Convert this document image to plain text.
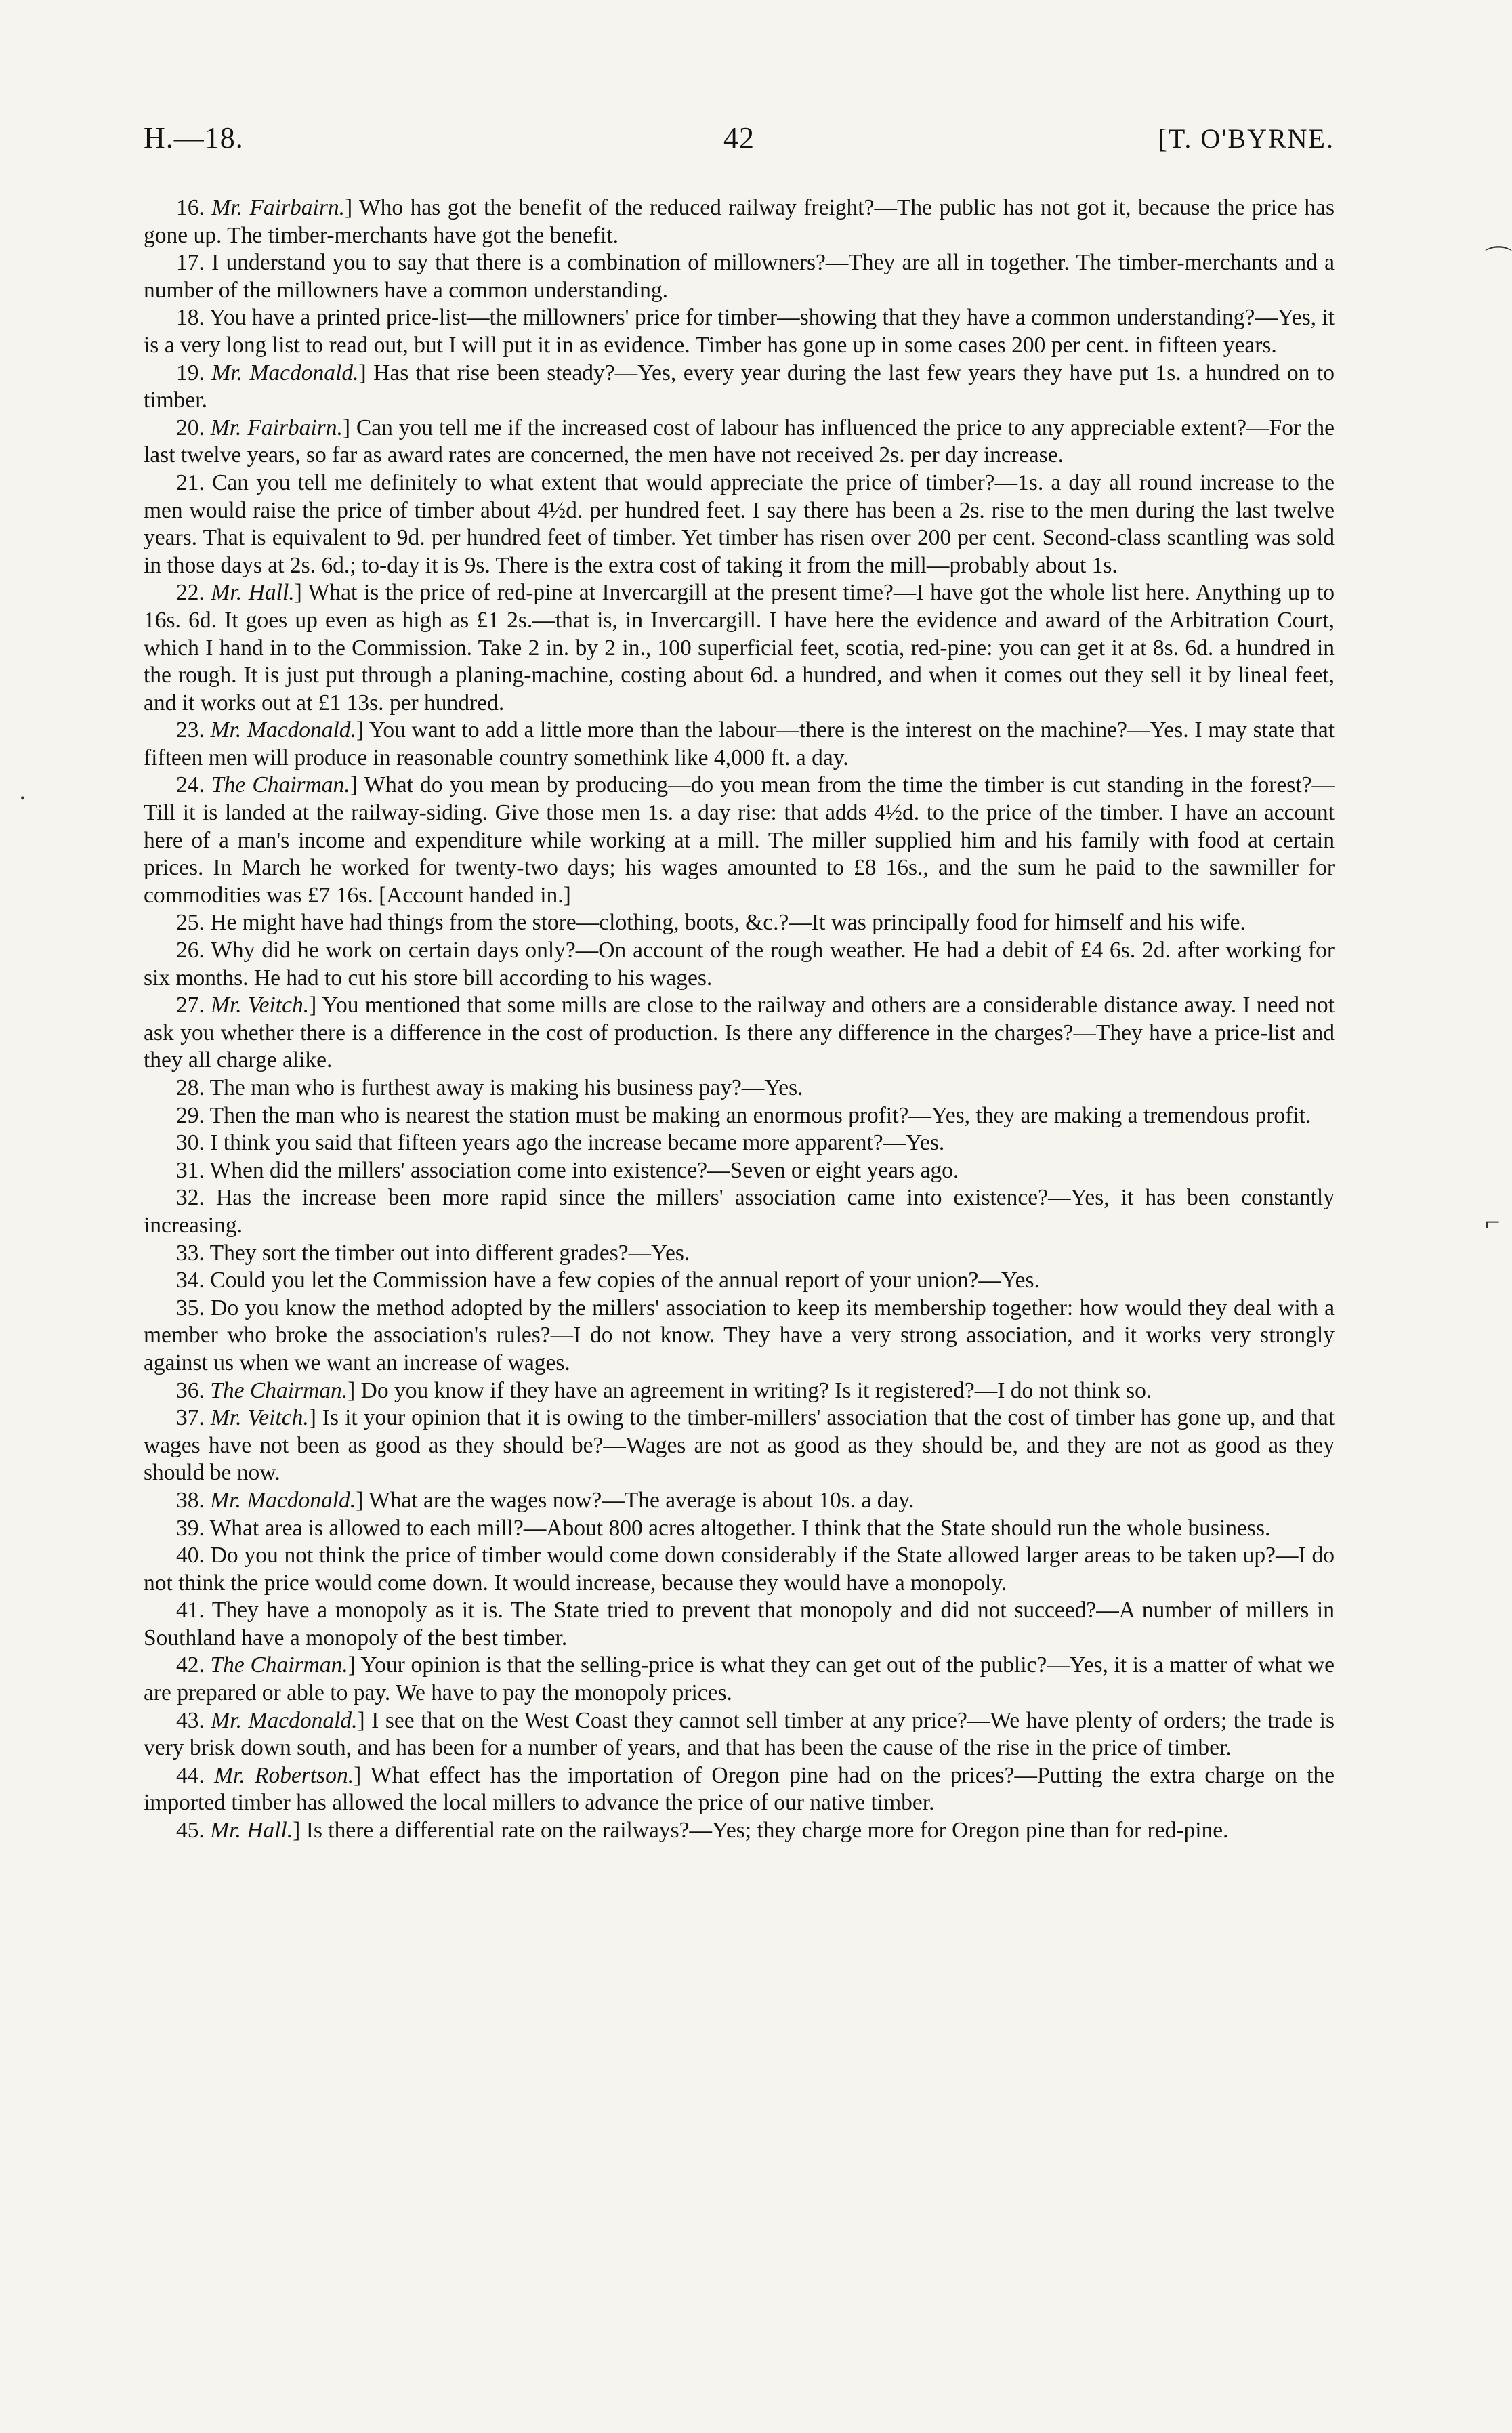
H.—18.	42	[T. O'BYRNE.

16. Mr. Fairbairn.] Who has got the benefit of the reduced railway freight?—The public has not got it, because the price has gone up. The timber-merchants have got the benefit.

17. I understand you to say that there is a combination of millowners?—They are all in together. The timber-merchants and a number of the millowners have a common understanding.

18. You have a printed price-list—the millowners' price for timber—showing that they have a common understanding?—Yes, it is a very long list to read out, but I will put it in as evidence. Timber has gone up in some cases 200 per cent. in fifteen years.

19. Mr. Macdonald.] Has that rise been steady?—Yes, every year during the last few years they have put 1s. a hundred on to timber.

20. Mr. Fairbairn.] Can you tell me if the increased cost of labour has influenced the price to any appreciable extent?—For the last twelve years, so far as award rates are concerned, the men have not received 2s. per day increase.

21. Can you tell me definitely to what extent that would appreciate the price of timber?—1s. a day all round increase to the men would raise the price of timber about 4½d. per hundred feet. I say there has been a 2s. rise to the men during the last twelve years. That is equivalent to 9d. per hundred feet of timber. Yet timber has risen over 200 per cent. Second-class scantling was sold in those days at 2s. 6d.; to-day it is 9s. There is the extra cost of taking it from the mill—probably about 1s.

22. Mr. Hall.] What is the price of red-pine at Invercargill at the present time?—I have got the whole list here. Anything up to 16s. 6d. It goes up even as high as £1 2s.—that is, in Invercargill. I have here the evidence and award of the Arbitration Court, which I hand in to the Commission. Take 2 in. by 2 in., 100 superficial feet, scotia, red-pine: you can get it at 8s. 6d. a hundred in the rough. It is just put through a planing-machine, costing about 6d. a hundred, and when it comes out they sell it by lineal feet, and it works out at £1 13s. per hundred.

23. Mr. Macdonald.] You want to add a little more than the labour—there is the interest on the machine?—Yes. I may state that fifteen men will produce in reasonable country somethink like 4,000 ft. a day.

24. The Chairman.] What do you mean by producing—do you mean from the time the timber is cut standing in the forest?—Till it is landed at the railway-siding. Give those men 1s. a day rise: that adds 4½d. to the price of the timber. I have an account here of a man's income and expenditure while working at a mill. The miller supplied him and his family with food at certain prices. In March he worked for twenty-two days; his wages amounted to £8 16s., and the sum he paid to the sawmiller for commodities was £7 16s. [Account handed in.]

25. He might have had things from the store—clothing, boots, &c.?—It was principally food for himself and his wife.

26. Why did he work on certain days only?—On account of the rough weather. He had a debit of £4 6s. 2d. after working for six months. He had to cut his store bill according to his wages.

27. Mr. Veitch.] You mentioned that some mills are close to the railway and others are a considerable distance away. I need not ask you whether there is a difference in the cost of production. Is there any difference in the charges?—They have a price-list and they all charge alike.

28. The man who is furthest away is making his business pay?—Yes.

29. Then the man who is nearest the station must be making an enormous profit?—Yes, they are making a tremendous profit.

30. I think you said that fifteen years ago the increase became more apparent?—Yes.

31. When did the millers' association come into existence?—Seven or eight years ago.

32. Has the increase been more rapid since the millers' association came into existence?—Yes, it has been constantly increasing.

33. They sort the timber out into different grades?—Yes.

34. Could you let the Commission have a few copies of the annual report of your union?—Yes.

35. Do you know the method adopted by the millers' association to keep its membership together: how would they deal with a member who broke the association's rules?—I do not know. They have a very strong association, and it works very strongly against us when we want an increase of wages.

36. The Chairman.] Do you know if they have an agreement in writing? Is it registered?—I do not think so.

37. Mr. Veitch.] Is it your opinion that it is owing to the timber-millers' association that the cost of timber has gone up, and that wages have not been as good as they should be?—Wages are not as good as they should be, and they are not as good as they should be now.

38. Mr. Macdonald.] What are the wages now?—The average is about 10s. a day.

39. What area is allowed to each mill?—About 800 acres altogether. I think that the State should run the whole business.

40. Do you not think the price of timber would come down considerably if the State allowed larger areas to be taken up?—I do not think the price would come down. It would increase, because they would have a monopoly.

41. They have a monopoly as it is. The State tried to prevent that monopoly and did not succeed?—A number of millers in Southland have a monopoly of the best timber.

42. The Chairman.] Your opinion is that the selling-price is what they can get out of the public?—Yes, it is a matter of what we are prepared or able to pay. We have to pay the monopoly prices.

43. Mr. Macdonald.] I see that on the West Coast they cannot sell timber at any price?—We have plenty of orders; the trade is very brisk down south, and has been for a number of years, and that has been the cause of the rise in the price of timber.

44. Mr. Robertson.] What effect has the importation of Oregon pine had on the prices?—Putting the extra charge on the imported timber has allowed the local millers to advance the price of our native timber.

45. Mr. Hall.] Is there a differential rate on the railways?—Yes; they charge more for Oregon pine than for red-pine.

⌒
•
⌐
